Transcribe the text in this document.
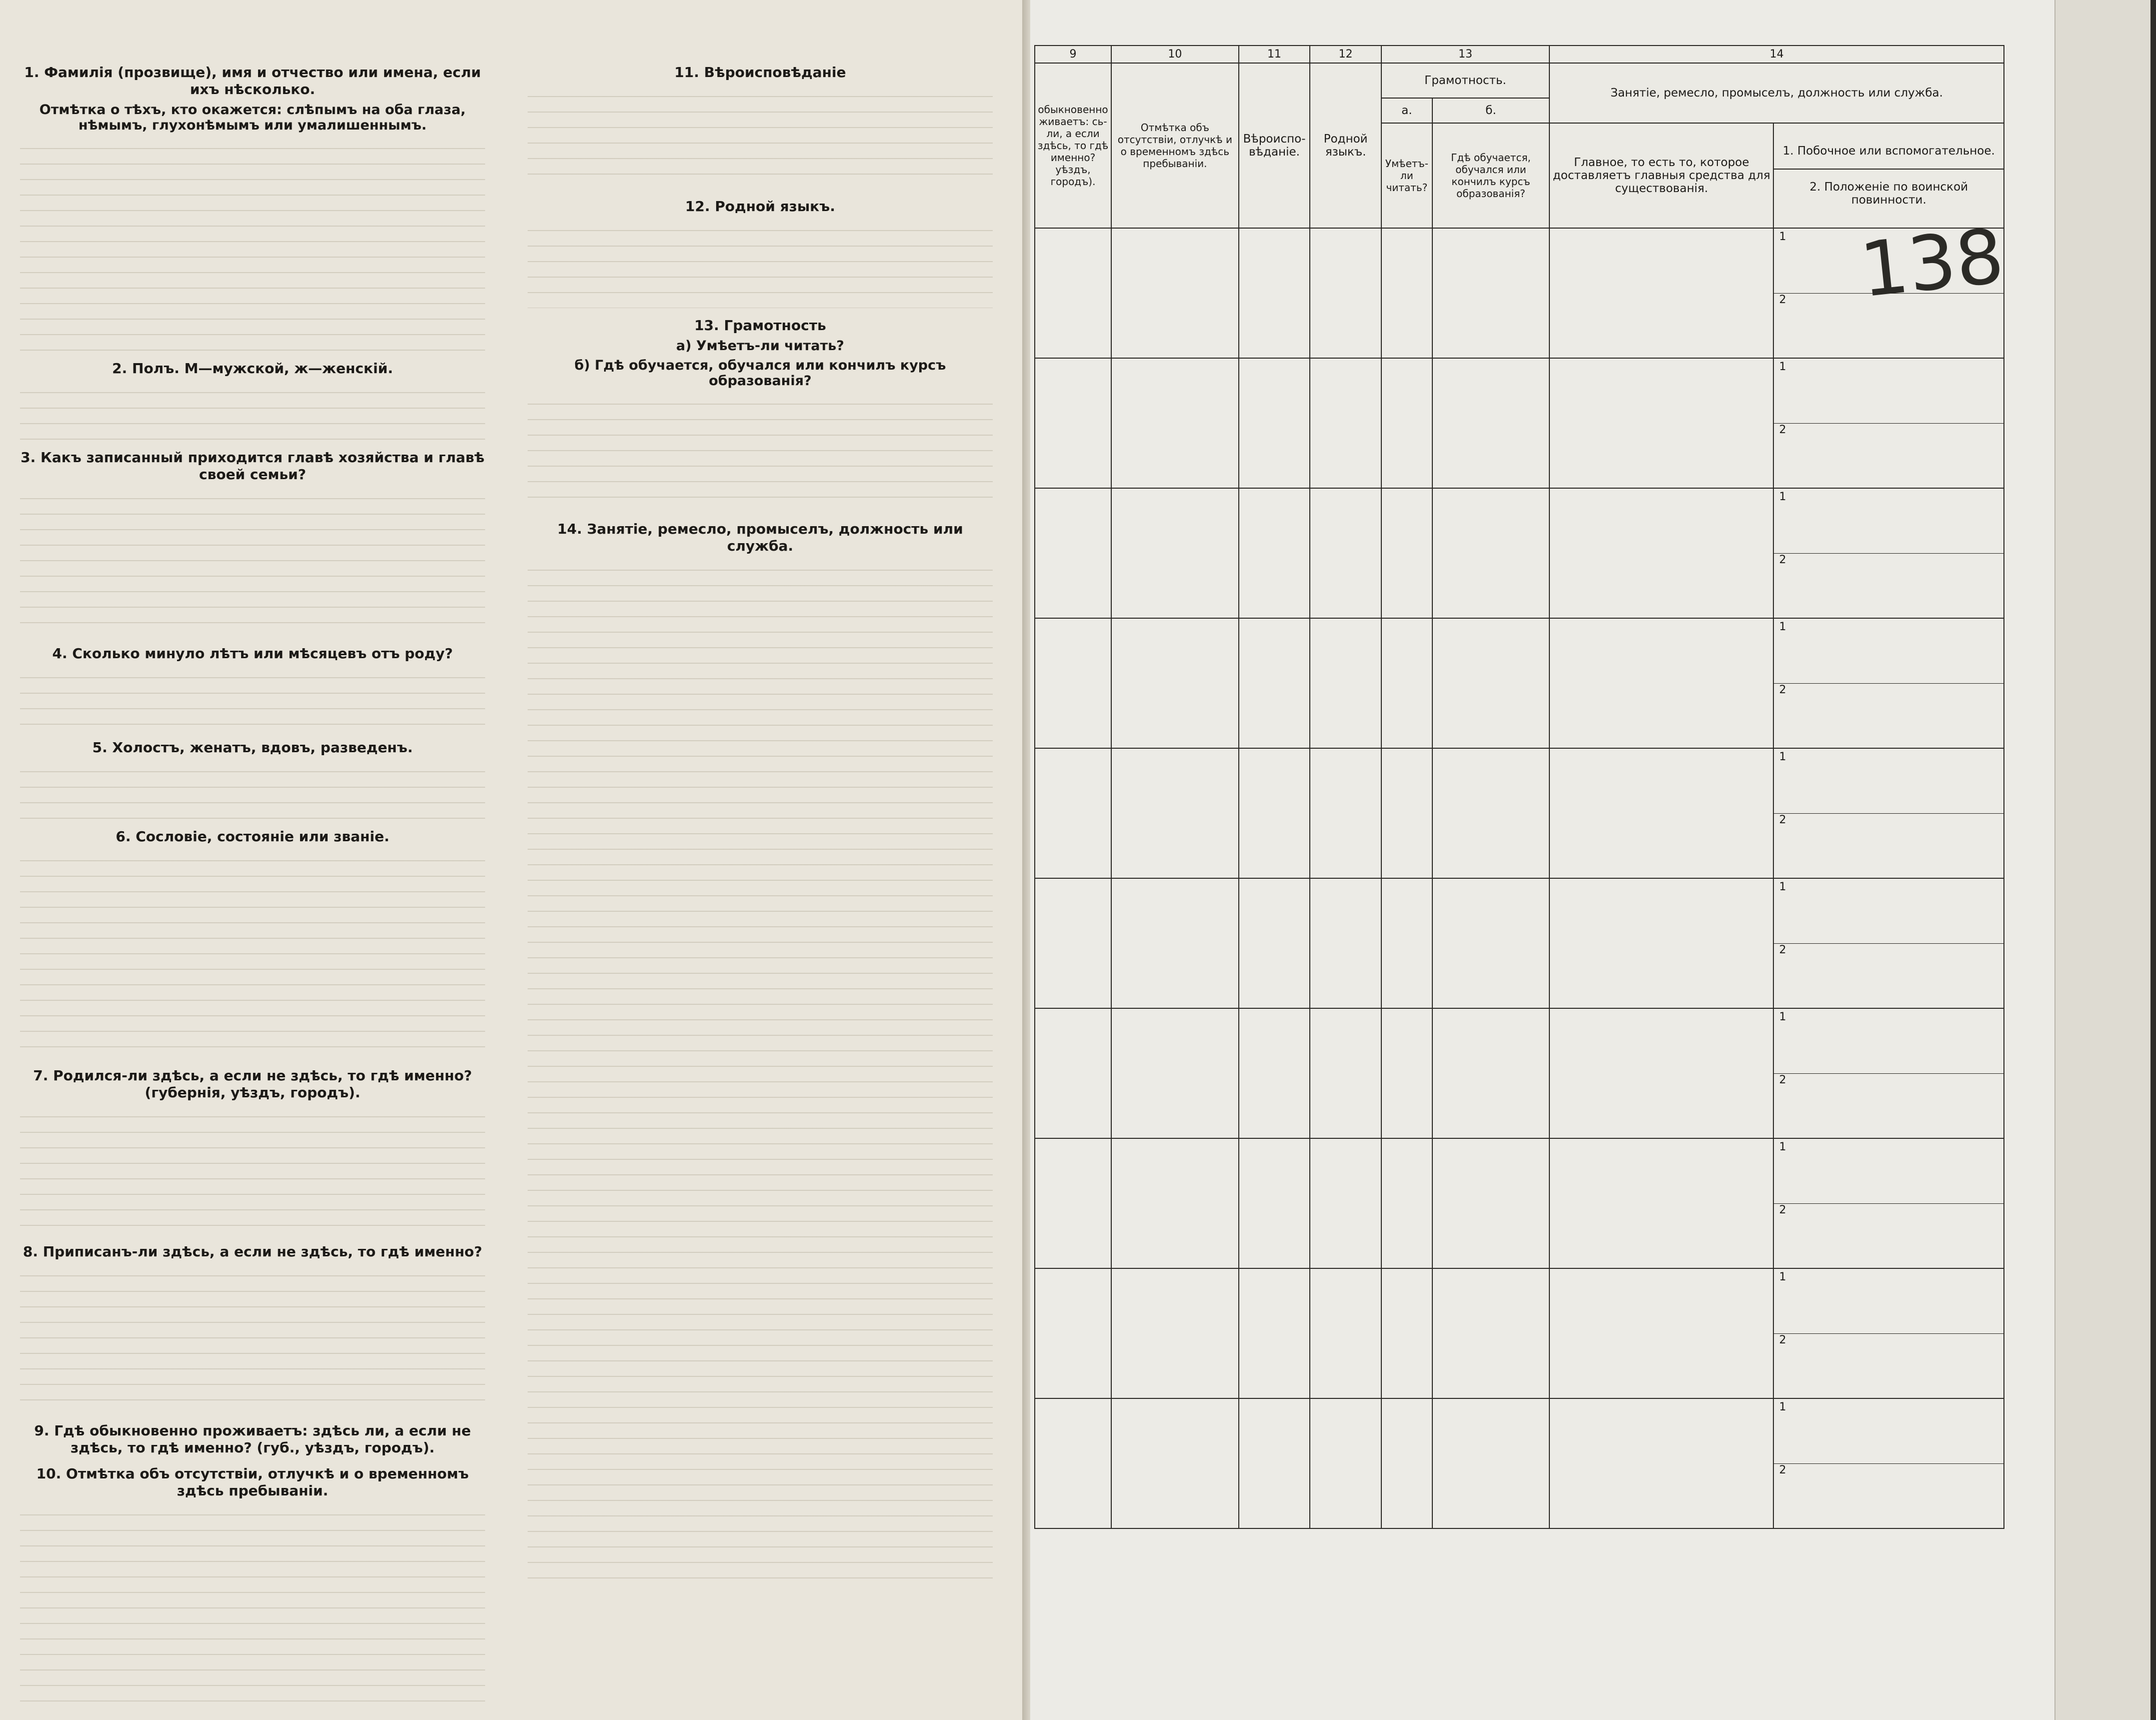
1. Фамилія (прозвище), имя и отчество или имена, если ихъ нѣсколько.
Отмѣтка о тѣхъ, кто окажется: слѣпымъ на оба глаза, нѣмымъ, глухонѣмымъ или умалишеннымъ.
2. Полъ. М—мужской, ж—женскій.
3. Какъ записанный приходится главѣ хозяйства и главѣ своей семьи?
4. Сколько минуло лѣтъ или мѣсяцевъ отъ роду?
5. Холостъ, женатъ, вдовъ, разведенъ.
6. Сословіе, состояніе или званіе.
7. Родился-ли здѣсь, а если не здѣсь, то гдѣ именно? (губернія, уѣздъ, городъ).
8. Приписанъ-ли здѣсь, а если не здѣсь, то гдѣ именно?
9. Гдѣ обыкновенно проживаетъ: здѣсь ли, а если не здѣсь, то гдѣ именно? (губ., уѣздъ, городъ).
10. Отмѣтка объ отсутствіи, отлучкѣ и о временномъ здѣсь пребываніи.
11. Вѣроисповѣданіе
12. Родной языкъ.
13. Грамотность
а) Умѣетъ-ли читать?
б) Гдѣ обучается, обучался или кончилъ курсъ образованія?
14. Занятіе, ремесло, промыселъ, должность или служба.
9	10	11	12	13		14	
обыкновенно живаетъ: сь-ли, а если здѣсь, то гдѣ именно? уѣздъ, городъ).	Отмѣтка объ отсутствіи, отлучкѣ и о временномъ здѣсь пребываніи.	Вѣроиспо-вѣданіе.	Родной языкъ.	Грамотность.		Занятіе, ремесло, промыселъ, должность или служба.	
				а.	б.		
				Умѣетъ-ли читать?	Гдѣ обучается, обучался или кончилъ курсъ образованія?	Главное, то есть то, которое доставляетъ главныя средства для существованія.	1. Побочное или вспомогательное.
2. Положеніе по воинской повинности.

							1
2

							1
2

							1
2

							1
2

							1
2

							1
2

							1
2

							1
2

							1
2

							1
2
138
